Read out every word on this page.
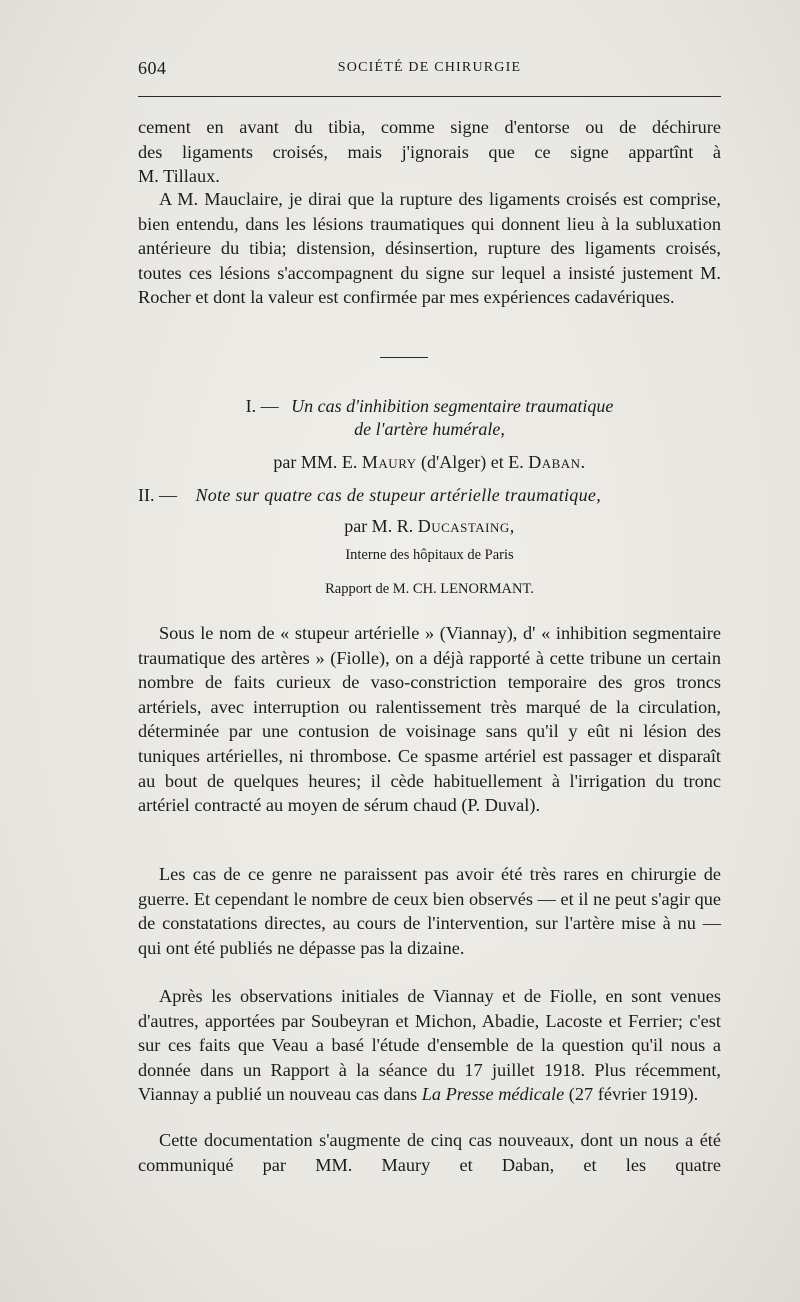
604	SOCIÉTÉ DE CHIRURGIE
cement en avant du tibia, comme signe d'entorse ou de déchirure
des ligaments croisés, mais j'ignorais que ce signe appartînt à
M. Tillaux.

A M. Mauclaire, je dirai que la rupture des ligaments croisés est comprise, bien entendu, dans les lésions traumatiques qui donnent lieu à la subluxation antérieure du tibia; distension, désinsertion, rupture des ligaments croisés, toutes ces lésions s'accompagnent du signe sur lequel a insisté justement M. Rocher et dont la valeur est confirmée par mes expériences cadavériques.

I. — Un cas d'inhibition segmentaire traumatique
de l'artère humérale,
par MM. E. Maury (d'Alger) et E. Daban.
II. — Note sur quatre cas de stupeur artérielle traumatique,
par M. R. Ducastaing,
Interne des hôpitaux de Paris
Rapport de M. CH. LENORMANT.

Sous le nom de « stupeur artérielle » (Viannay), d' « inhibition segmentaire traumatique des artères » (Fiolle), on a déjà rapporté à cette tribune un certain nombre de faits curieux de vaso-constriction temporaire des gros troncs artériels, avec interruption ou ralentissement très marqué de la circulation, déterminée par une contusion de voisinage sans qu'il y eût ni lésion des tuniques artérielles, ni thrombose. Ce spasme artériel est passager et disparaît au bout de quelques heures; il cède habituellement à l'irrigation du tronc artériel contracté au moyen de sérum chaud (P. Duval).

Les cas de ce genre ne paraissent pas avoir été très rares en chirurgie de guerre. Et cependant le nombre de ceux bien observés — et il ne peut s'agir que de constatations directes, au cours de l'intervention, sur l'artère mise à nu — qui ont été publiés ne dépasse pas la dizaine.

Après les observations initiales de Viannay et de Fiolle, en sont venues d'autres, apportées par Soubeyran et Michon, Abadie, Lacoste et Ferrier; c'est sur ces faits que Veau a basé l'étude d'ensemble de la question qu'il nous a donnée dans un Rapport à la séance du 17 juillet 1918. Plus récemment, Viannay a publié un nouveau cas dans La Presse médicale (27 février 1919).

Cette documentation s'augmente de cinq cas nouveaux, dont un nous a été communiqué par MM. Maury et Daban, et les quatre
